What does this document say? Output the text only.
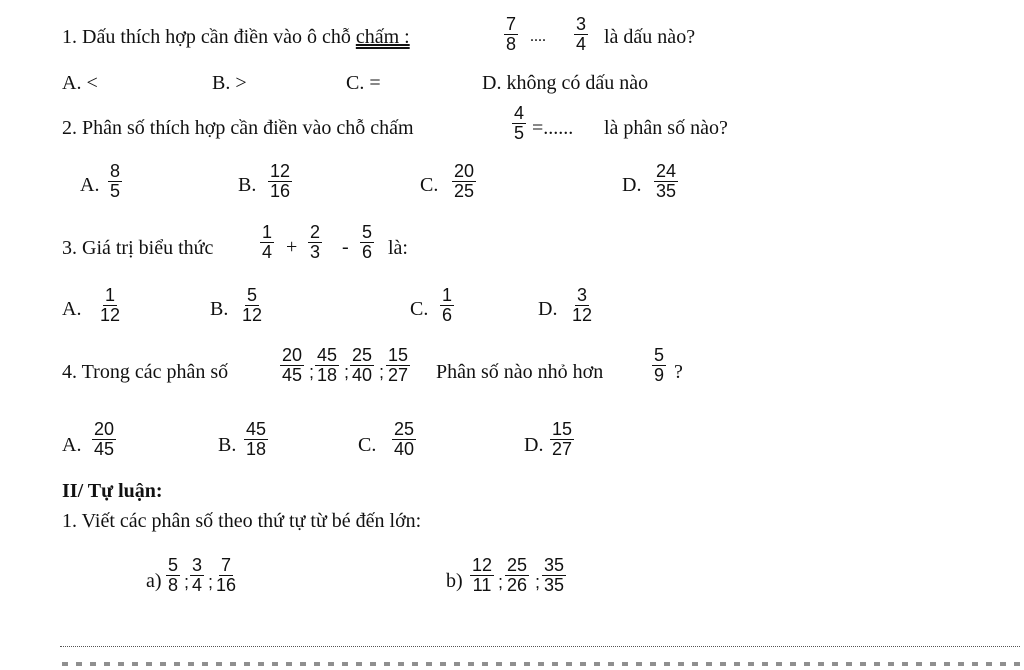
1. Dấu thích hợp cần điền vào ô chỗ chấm :	$\frac{7}{8}$ .... $\frac{3}{4}$ là dấu nào?
A. <	B. >	C. =	D. không có dấu nào
2. Phân số thích hợp cần điền vào chỗ chấm	$\frac{4}{5}$ =...... là phân số nào?
A. $\frac{8}{5}$	B. $\frac{12}{16}$	C. $\frac{20}{25}$	D. $\frac{24}{35}$
3. Giá trị biểu thức	$\frac{1}{4} + \frac{2}{3} - \frac{5}{6}$ là:
A. $\frac{1}{12}$	B. $\frac{5}{12}$	C. $\frac{1}{6}$	D. $\frac{3}{12}$
4. Trong các phân số	$\frac{20}{45}$ ; $\frac{45}{18}$ ; $\frac{25}{40}$ ; $\frac{15}{27}$ Phân số nào nhỏ hơn	$\frac{5}{9}$ ?
A. $\frac{20}{45}$	B. $\frac{45}{18}$	C. $\frac{25}{40}$	D. $\frac{15}{27}$
II/ Tự luận:
1. Viết các phân số theo thứ tự từ bé đến lớn:
$a) \frac{5}{8}$ ; $\frac{3}{4}$ ; $\frac{7}{16}$	$b) \frac{12}{11}$ ; $\frac{25}{26}$ ; $\frac{35}{35}$
